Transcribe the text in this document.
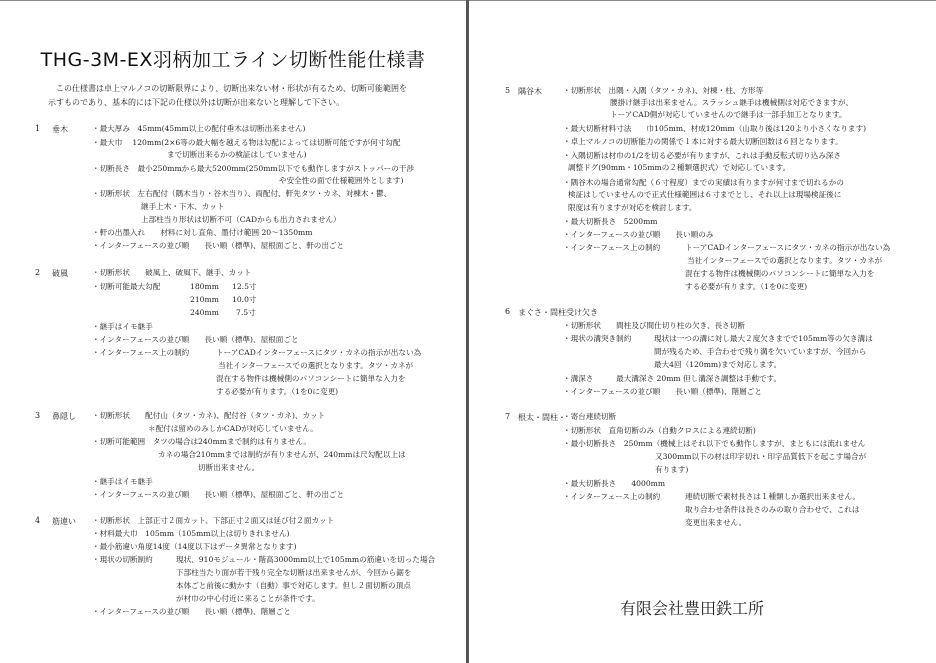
THG-3M-EX羽柄加工ライン切断性能仕様書
　この仕様書は卓上マルノコの切断限界により、切断出来ない材・形状が有るため、切断可能範囲を
示すものであり、基本的には下記の仕様以外は切断が出来ないと理解して下さい。
1 垂木	・最大厚み　45mm(45mm以上の配付垂木は切断出来ません)
・最大巾　 120mm(2×6等の最大幅を越える物は勾配によっては切断可能ですが何寸勾配
まで切断出来るかの検証はしていません)
・切断長さ　最小250mmから最大5200mm(250mm以下でも動作しますがストッパーの干渉
や安全性の面で仕様範囲外とします)
・切断形状　左右配付（隅木当り・谷木当り）、両配付、軒先タツ・カネ、対棟木・鬱、
継手上木・下木、カット
上部柱当り形状は切断不可（CADからも出力されません）
・軒の出墨入れ　　材料に対し直角、墨付け範囲 20～1350mm
・インターフェースの並び順　　長い順（標準)、屋根面ごと、軒の出ごと
2 破風	・切断形状　　破風上、破風下、継手、カット
・切断可能最大勾配	180mm 12.5寸
210mm 10.0寸
240mm 7.5寸
・継手はイモ継手
・インターフェースの並び順　　長い順（標準)、屋根面ごと
・インターフェース上の制約	トーアCADインターフェースにタツ・カネの指示が出ない為
当社インターフェースでの選択となります。タツ・カネが
混在する物件は機械側のパソコンシートに簡単な入力を
する必要が有ります。（1を0に変更)
3 鼻隠し ・切断形状　　配付山（タツ・カネ)、配付谷（タツ・カネ)、カット
＊配付は留めのみしかCADが対応していません。
・切断可能範囲　タツの場合は240mmまで制約は有りません。
カネの場合210mmまでは制約が有りませんが、240mmは尺勾配以上は
切断出来ません。
・継手はイモ継手
・インターフェースの並び順　　長い順（標準)、屋根面ごと、軒の出ごと
4 筋違い ・切断形状　上部正寸２面カット、下部正寸２面又は延び付２面カット
・材料最大巾　105mm（105mm以上は切りきれません)
・最小筋違い角度14度（14度以下はデータ異常となります)
・現状の切断制約	現状、910モジュール・階高3000mm以上で105mmの筋違いを切った場合
下部柱当たり面が若干残り完全な切断は出来ませんが、今回から鋸を
本体ごと前後に動かす（自動）事で対応します。但し２面切断の頂点
が材巾の中心付近に来ることが条件です。
・インターフェースの並び順　　長い順（標準)、階層ごと
5 隅谷木	・切断形状　出隅・入隅（タツ・カネ)、対棟・柱、方形等
腰掛け継手は出来ません。スラッシュ継手は機械側は対応できますが、
トーアCAD側が対応していませんので継手は一部手加工となります。
・最大切断材料寸法　　巾105mm、材成120mm（山取り後は120より小さくなります)
・卓上マルノコの切断能力の関係で１本に対する最大切断回数は６回となります。
・入隅切断は材巾の1/2を切る必要が有りますが、これは手動反転式切り込み深さ
調整ドグ(90mm・105mmの２種類選択式）で対応しています。
・隅谷木の場合通常勾配（６寸程度）までの実績は有りますが何寸まで切れるかの
検証はしていませんので正式仕様範囲は６寸までとし、それ以上は現場検証後に
限度は有りますが対応を検討します。
・最大切断長さ　5200mm
・インターフェースの並び順　　長い順のみ
・インターフェース上の制約	トーアCADインターフェースにタツ・カネの指示が出ない為
当社インターフェースでの選択となります。タツ・カネが
混在する物件は機械側のパソコンシートに簡単な入力を
する必要が有ります。（1を0に変更)
6 まぐさ・間柱受け欠き
・切断形状　　間柱及び間仕切り柱の欠き、長さ切断
・現状の溝突き制約	現状は一つの溝に対し最大２度欠きまでで105mm等の欠き溝は
間が残るため、手合わせで残り溝を欠いていますが、今回から
最大4回（120mm)まで対応します。
・溝深さ　　　最大溝深さ 20mm 但し溝深さ調整は手動です。
・インターフェースの並び順　　長い順（標準)、階層ごと
7 根太・間柱・
・寄台連続切断
・切断形状　直角切断のみ（自動クロスによる連続切断)
・最小切断長さ　250mm（機械上はそれ以下でも動作しますが、まともには流れません
又300mm以下の材は印字切れ・印字品質低下を起こす場合が
有ります)
・最大切断長さ　　4000mm
・インターフェース上の制約	連続切断で素材長さは１種類しか選択出来ません。
取り合わせ条件は長さのみの取り合わせで、これは
変更出来ません。
有限会社豊田鉄工所
